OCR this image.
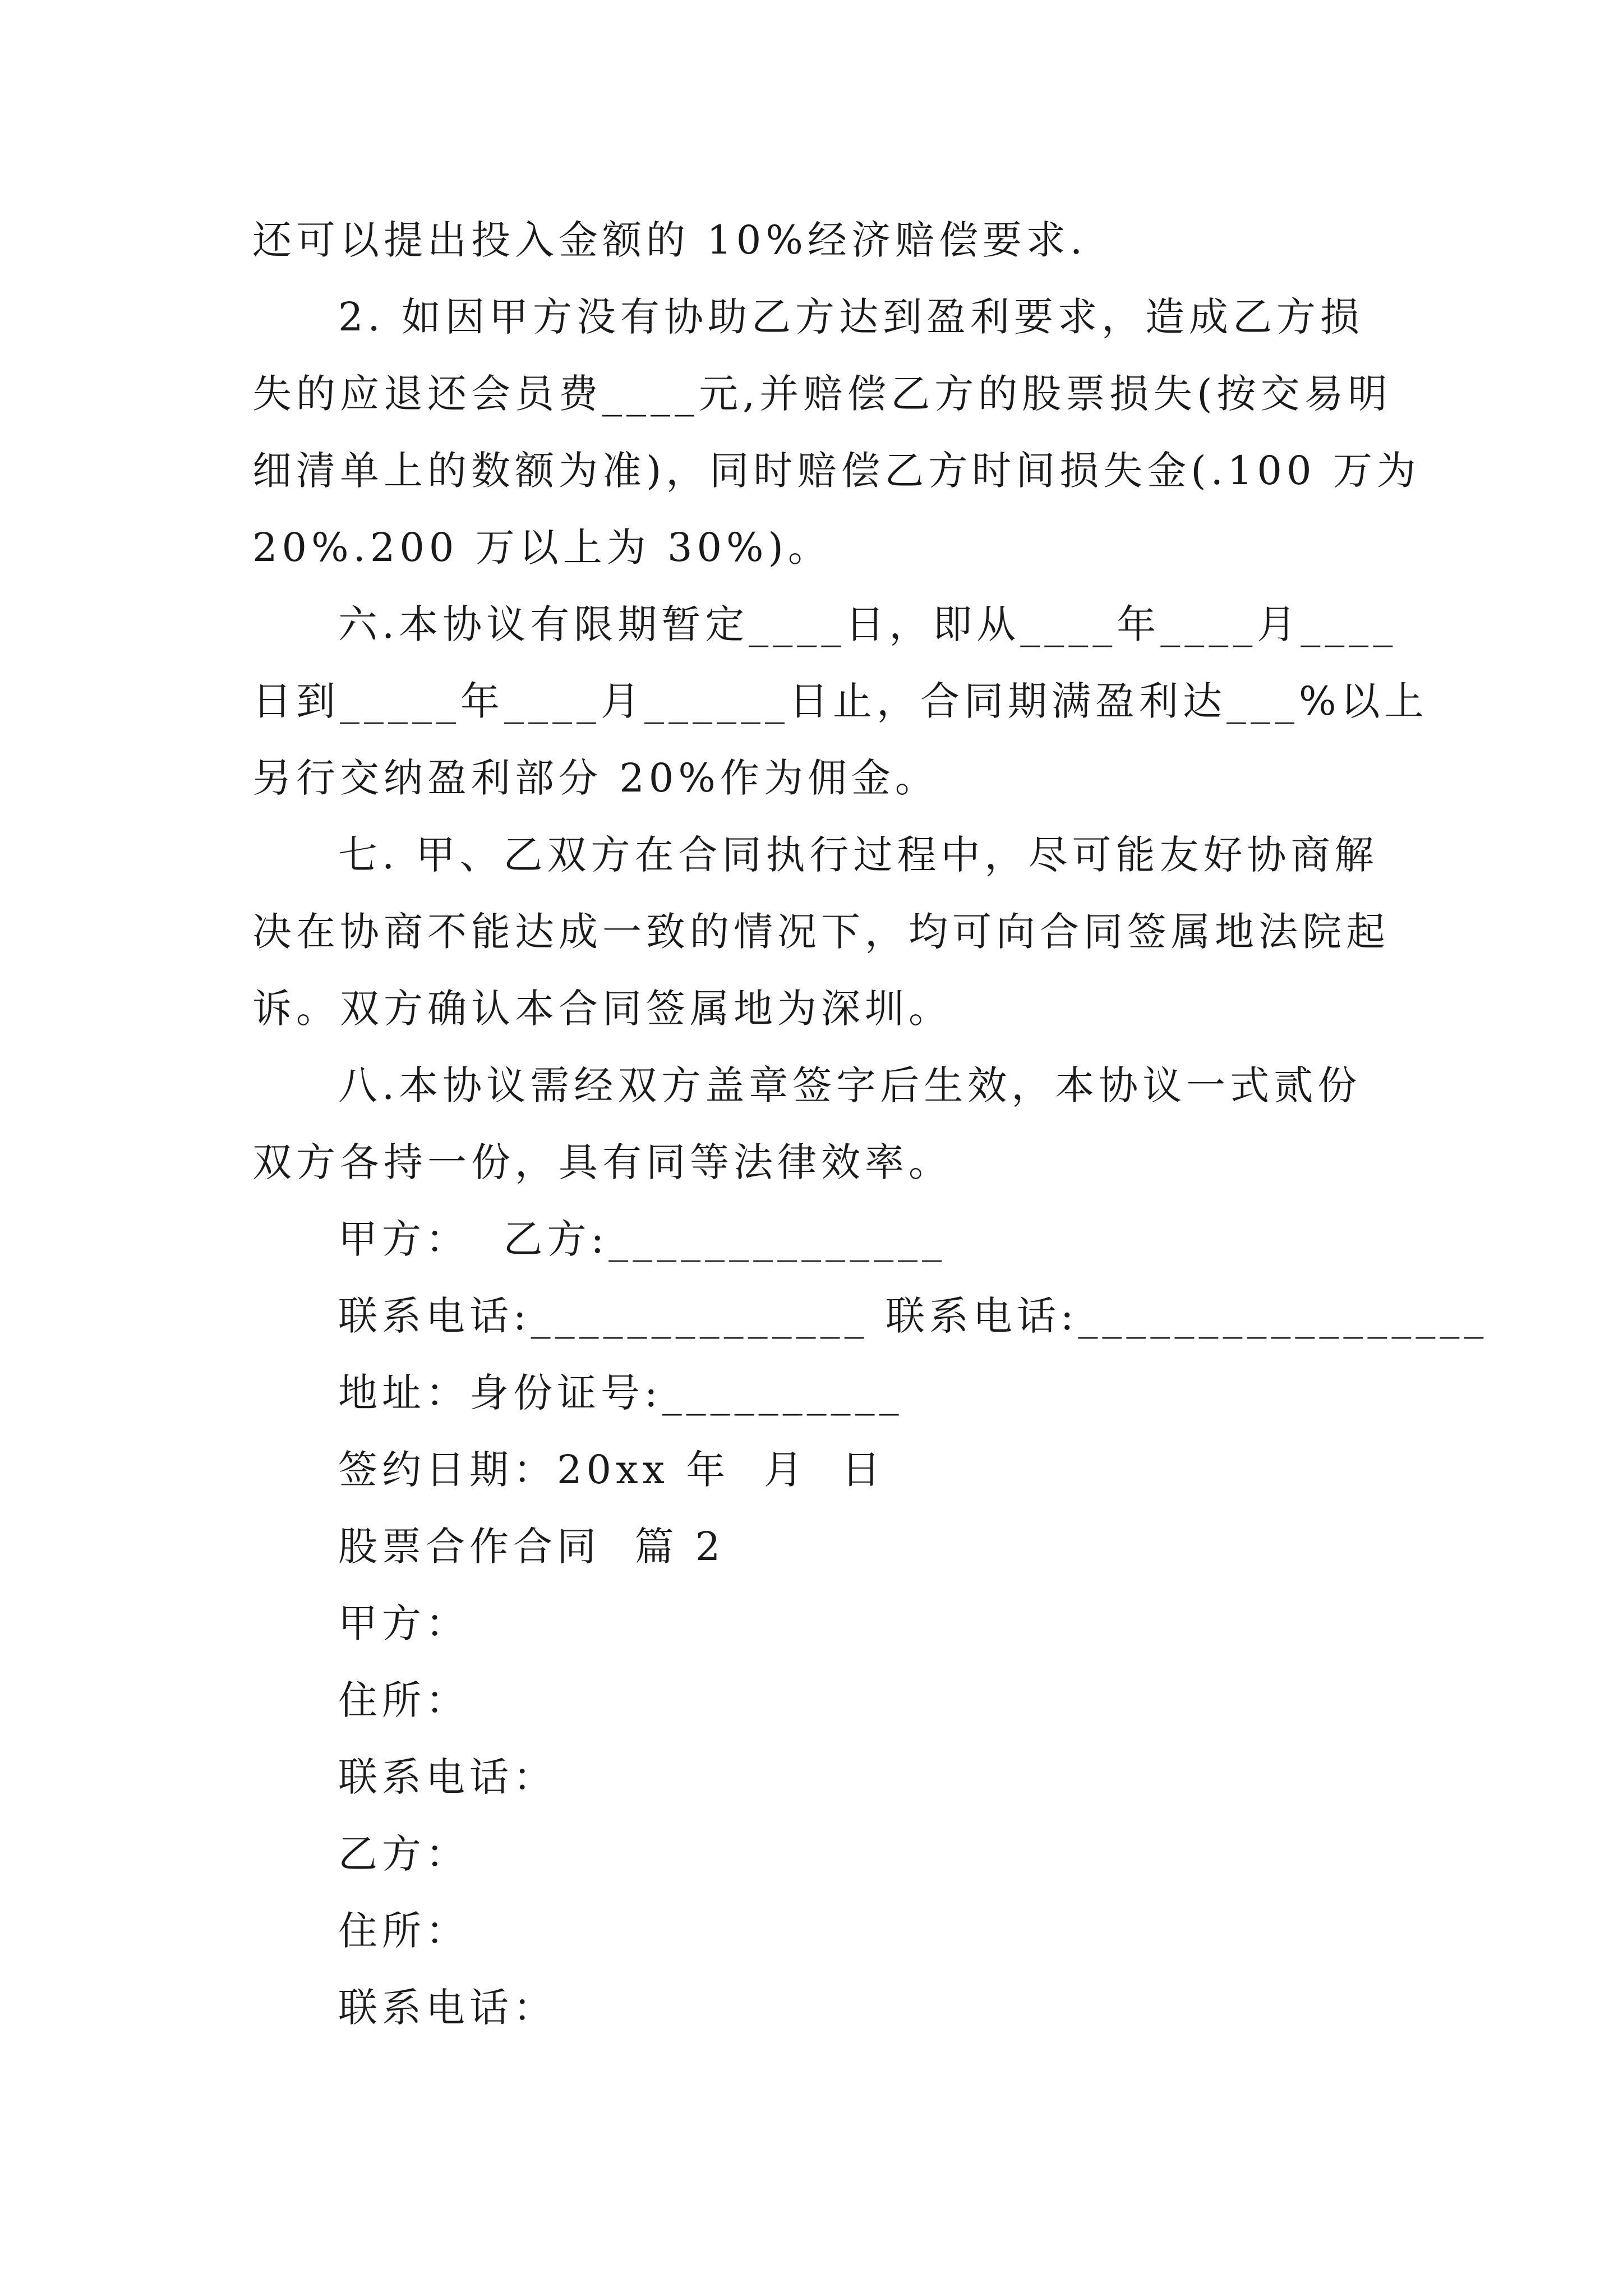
还可以提出投入金额的 10%经济赔偿要求.
2. 如因甲方没有协助乙方达到盈利要求，造成乙方损
失的应退还会员费____元,并赔偿乙方的股票损失(按交易明
细清单上的数额为准)，同时赔偿乙方时间损失金(.100 万为
20%.200 万以上为 30%)。
六.本协议有限期暂定____日，即从____年____月____
日到_____年____月______日止，合同期满盈利达___%以上
另行交纳盈利部分 20%作为佣金。
七. 甲、乙双方在合同执行过程中，尽可能友好协商解
决在协商不能达成一致的情况下，均可向合同签属地法院起
诉。双方确认本合同签属地为深圳。
八.本协议需经双方盖章签字后生效，本协议一式贰份
双方各持一份，具有同等法律效率。
甲方：  乙方:______________
联系电话:______________ 联系电话:_________________
地址：身份证号:__________
签约日期：20xx 年  月  日
股票合作合同  篇 2
甲方：
住所：
联系电话：
乙方：
住所：
联系电话：
